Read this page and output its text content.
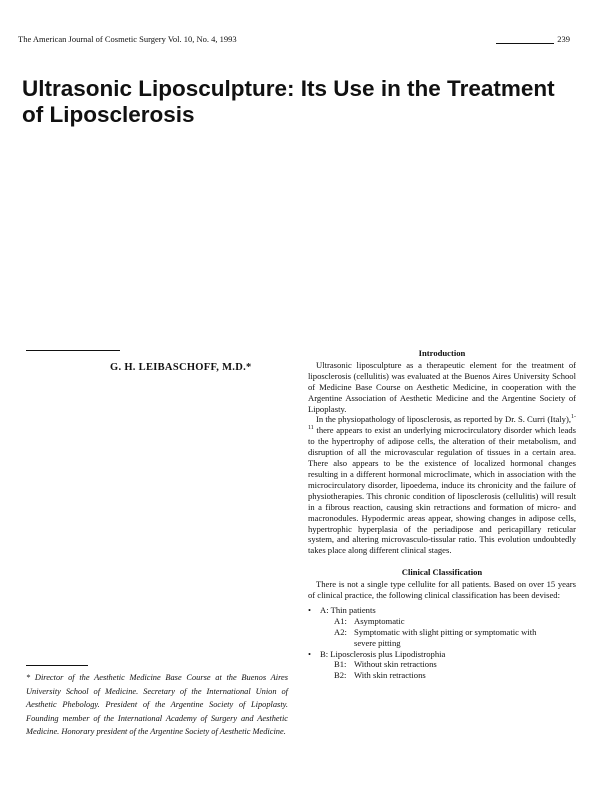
The American Journal of Cosmetic Surgery Vol. 10, No. 4, 1993	239
Ultrasonic Liposculpture: Its Use in the Treatment of Liposclerosis
G. H. LEIBASCHOFF, M.D.*
* Director of the Aesthetic Medicine Base Course at the Buenos Aires University School of Medicine. Secretary of the International Union of Aesthetic Phebology. President of the Argentine Society of Lipoplasty. Founding member of the International Academy of Surgery and Aesthetic Medicine. Honorary president of the Argentine Society of Aesthetic Medicine.
Introduction

Ultrasonic liposculpture as a therapeutic element for the treatment of liposclerosis (cellulitis) was evaluated at the Buenos Aires University School of Medicine Base Course on Aesthetic Medicine, in cooperation with the Argentine Association of Aesthetic Medicine and the Argentine Society of Lipoplasty.

In the physiopathology of liposclerosis, as reported by Dr. S. Curri (Italy),$^{1-11}$ there appears to exist an underlying microcirculatory disorder which leads to the hypertrophy of adipose cells, the alteration of their metabolism, and disruption of all the microvascular regulation of tissues in a certain area. There also appears to be the existence of localized hormonal changes resulting in a different hormonal microclimate, which in association with the microcirculatory disorder, lipoedema, induce its chronicity and the failure of physiotherapies. This chronic condition of liposclerosis (cellulitis) will result in a fibrous reaction, causing skin retractions and formation of micro- and macronodules. Hypodermic areas appear, showing changes in adipose cells, hypertrophic hyperplasia of the periadipose and pericapillary reticular system, and altering microvasculo-tissular ratio. This evolution undoubtedly takes place along different clinical stages.

Clinical Classification

There is not a single type cellulite for all patients. Based on over 15 years of clinical practice, the following clinical classification has been devised:

• A: Thin patients
A1: Asymptomatic
A2: Symptomatic with slight pitting or symptomatic with
severe pitting
• B: Liposclerosis plus Lipodistrophia
B1: Without skin retractions
B2: With skin retractions
